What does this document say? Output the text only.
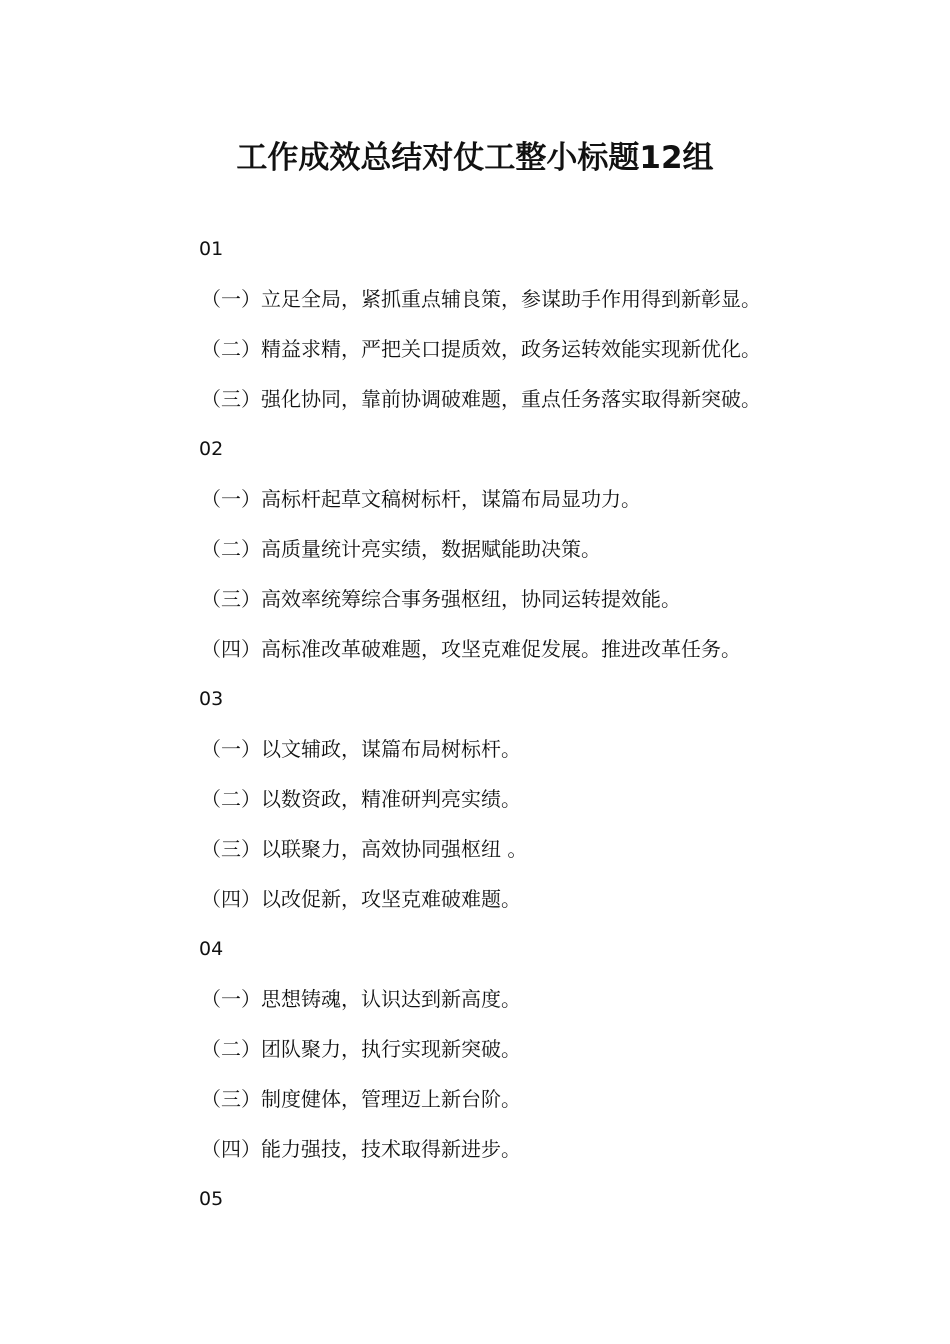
工作成效总结对仗工整小标题12组
01
（一）立足全局，紧抓重点辅良策，参谋助手作用得到新彰显。
（二）精益求精，严把关口提质效，政务运转效能实现新优化。
（三）强化协同，靠前协调破难题，重点任务落实取得新突破。
02
（一）高标杆起草文稿树标杆，谋篇布局显功力。
（二）高质量统计亮实绩，数据赋能助决策。
（三）高效率统筹综合事务强枢纽，协同运转提效能。
（四）高标准改革破难题，攻坚克难促发展。推进改革任务。
03
（一）以文辅政，谋篇布局树标杆。
（二）以数资政，精准研判亮实绩。
（三）以联聚力，高效协同强枢纽 。
（四）以改促新，攻坚克难破难题。
04
（一）思想铸魂，认识达到新高度。
（二）团队聚力，执行实现新突破。
（三）制度健体，管理迈上新台阶。
（四）能力强技，技术取得新进步。
05
